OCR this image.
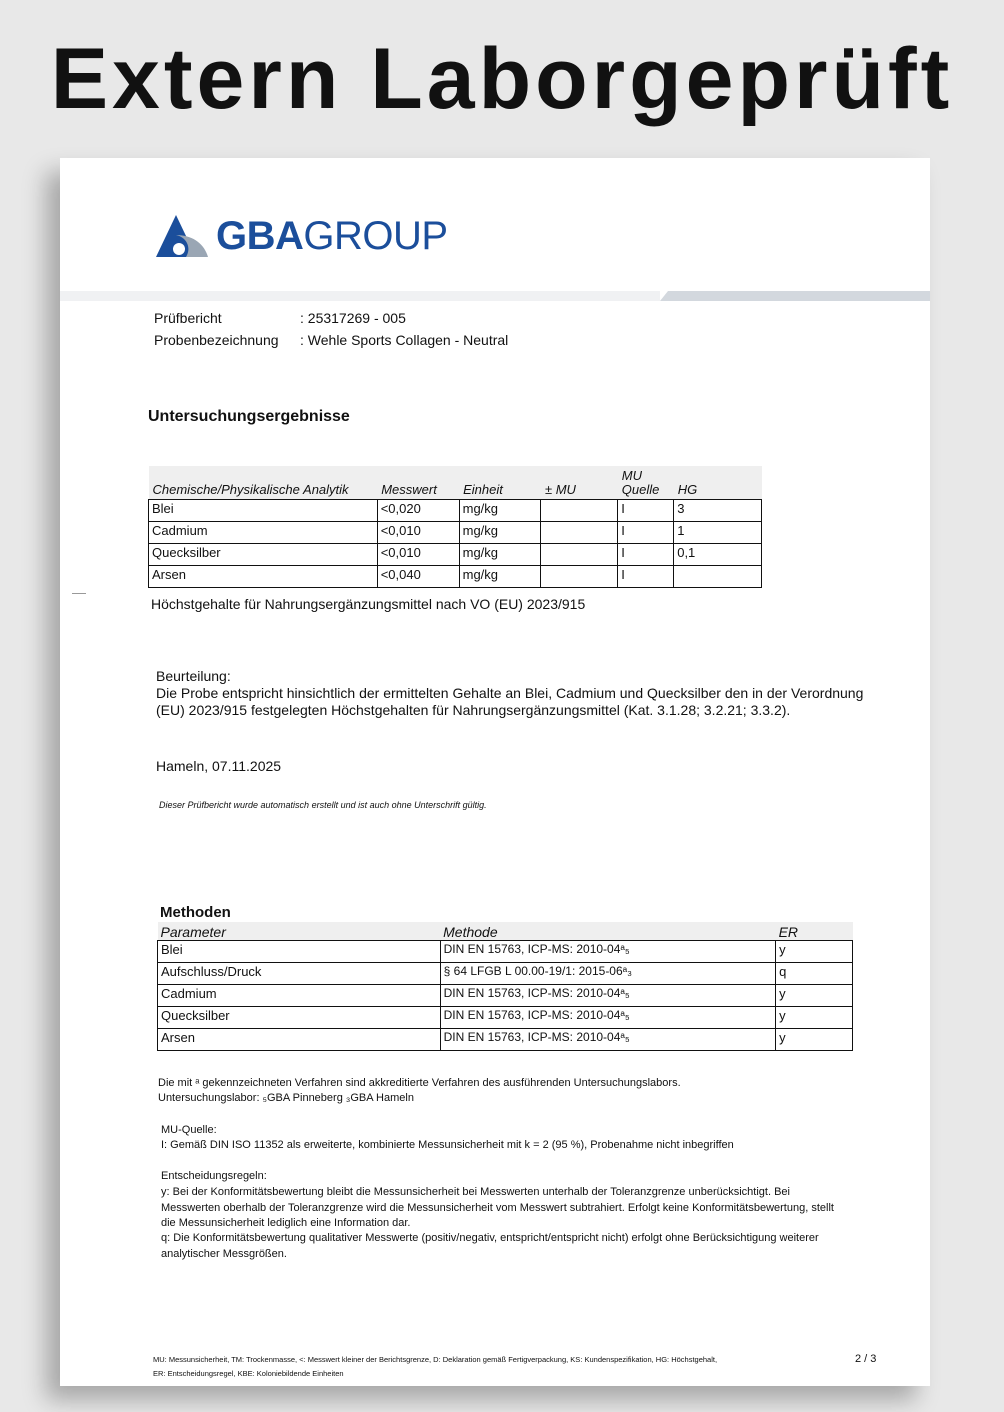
Extern Laborgeprüft
GBAGROUP
Prüfbericht	: 25317269 - 005
Probenbezeichnung : Wehle Sports Collagen - Neutral
Untersuchungsergebnisse
Chemische/Physikalische Analytik	Messwert	Einheit	± MU	MU Quelle	HG
Blei	<0,020	mg/kg		I	3
Cadmium	<0,010	mg/kg		I	1
Quecksilber	<0,010	mg/kg		I	0,1
Arsen	<0,040	mg/kg		I	
Höchstgehalte für Nahrungsergänzungsmittel nach VO (EU) 2023/915
Beurteilung:
Die Probe entspricht hinsichtlich der ermittelten Gehalte an Blei, Cadmium und Quecksilber den in der Verordnung (EU) 2023/915 festgelegten Höchstgehalten für Nahrungsergänzungsmittel (Kat. 3.1.28; 3.2.21; 3.3.2).
Hameln, 07.11.2025
Dieser Prüfbericht wurde automatisch erstellt und ist auch ohne Unterschrift gültig.
Methoden
Parameter	Methode	ER
Blei	DIN EN 15763, ICP-MS: 2010-04ᵃ₅	y
Aufschluss/Druck	§ 64 LFGB L 00.00-19/1: 2015-06ᵃ₃	q
Cadmium	DIN EN 15763, ICP-MS: 2010-04ᵃ₅	y
Quecksilber	DIN EN 15763, ICP-MS: 2010-04ᵃ₅	y
Arsen	DIN EN 15763, ICP-MS: 2010-04ᵃ₅	y
Die mit ᵃ gekennzeichneten Verfahren sind akkreditierte Verfahren des ausführenden Untersuchungslabors.
Untersuchungslabor: ₅GBA Pinneberg ₃GBA Hameln
MU-Quelle:
I: Gemäß DIN ISO 11352 als erweiterte, kombinierte Messunsicherheit mit k = 2 (95 %), Probenahme nicht inbegriffen
Entscheidungsregeln:
y: Bei der Konformitätsbewertung bleibt die Messunsicherheit bei Messwerten unterhalb der Toleranzgrenze unberücksichtigt. Bei Messwerten oberhalb der Toleranzgrenze wird die Messunsicherheit vom Messwert subtrahiert. Erfolgt keine Konformitätsbewertung, stellt die Messunsicherheit lediglich eine Information dar.
q: Die Konformitätsbewertung qualitativer Messwerte (positiv/negativ, entspricht/entspricht nicht) erfolgt ohne Berücksichtigung weiterer analytischer Messgrößen.
MU: Messunsicherheit, TM: Trockenmasse, <: Messwert kleiner der Berichtsgrenze, D: Deklaration gemäß Fertigverpackung, KS: Kundenspezifikation, HG: Höchstgehalt,
ER: Entscheidungsregel, KBE: Koloniebildende Einheiten
2 / 3
